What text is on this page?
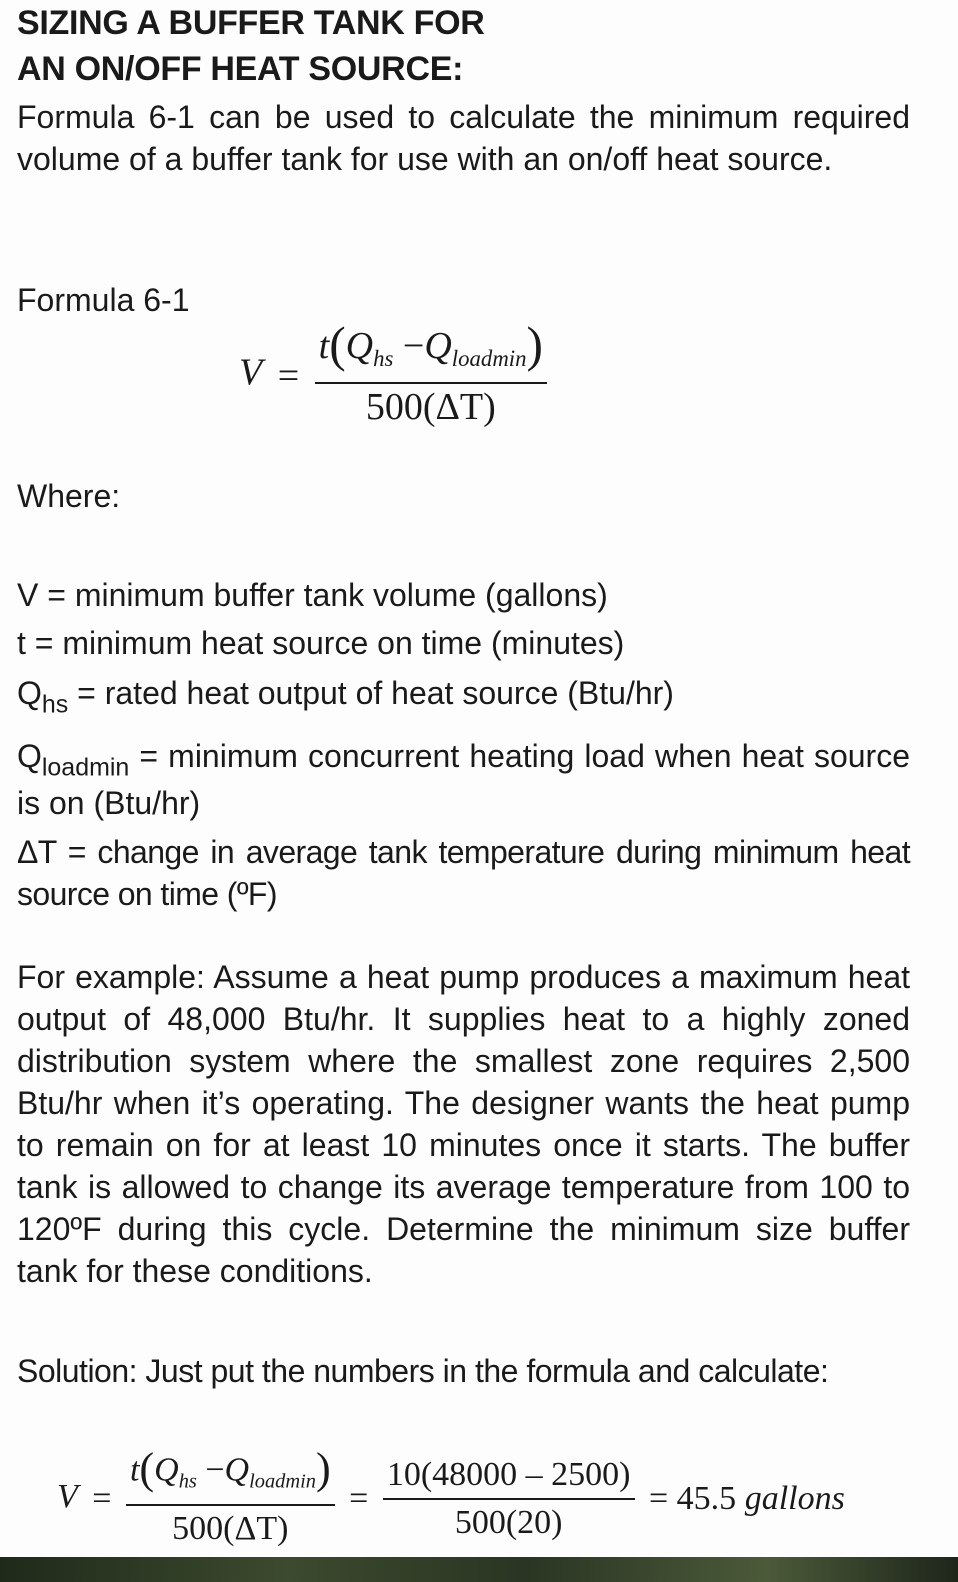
SIZING A BUFFER TANK FOR
AN ON/OFF HEAT SOURCE:

Formula 6-1 can be used to calculate the minimum required volume of a buffer tank for use with an on/off heat source.

Formula 6-1

$V = \frac{t(Q_{hs} -Q_{loadmin})}{500(\Delta T)}$

Where:

V = minimum buffer tank volume (gallons)

t = minimum heat source on time (minutes)

$Q_{hs}$ = rated heat output of heat source (Btu/hr)

$Q_{loadmin}$ = minimum concurrent heating load when heat source is on (Btu/hr)

ΔT = change in average tank temperature during minimum heat source on time (ºF)

For example: Assume a heat pump produces a maximum heat output of 48,000 Btu/hr. It supplies heat to a highly zoned distribution system where the smallest zone requires 2,500 Btu/hr when it’s operating. The designer wants the heat pump to remain on for at least 10 minutes once it starts. The buffer tank is allowed to change its average temperature from 100 to 120ºF during this cycle. Determine the minimum size buffer tank for these conditions.

Solution: Just put the numbers in the formula and calculate:

$V = \frac{t(Q_{hs} -Q_{loadmin})}{500(\Delta T)} = \frac{10(48000 - 2500)}{500(20)} = 45.5$ gallons
